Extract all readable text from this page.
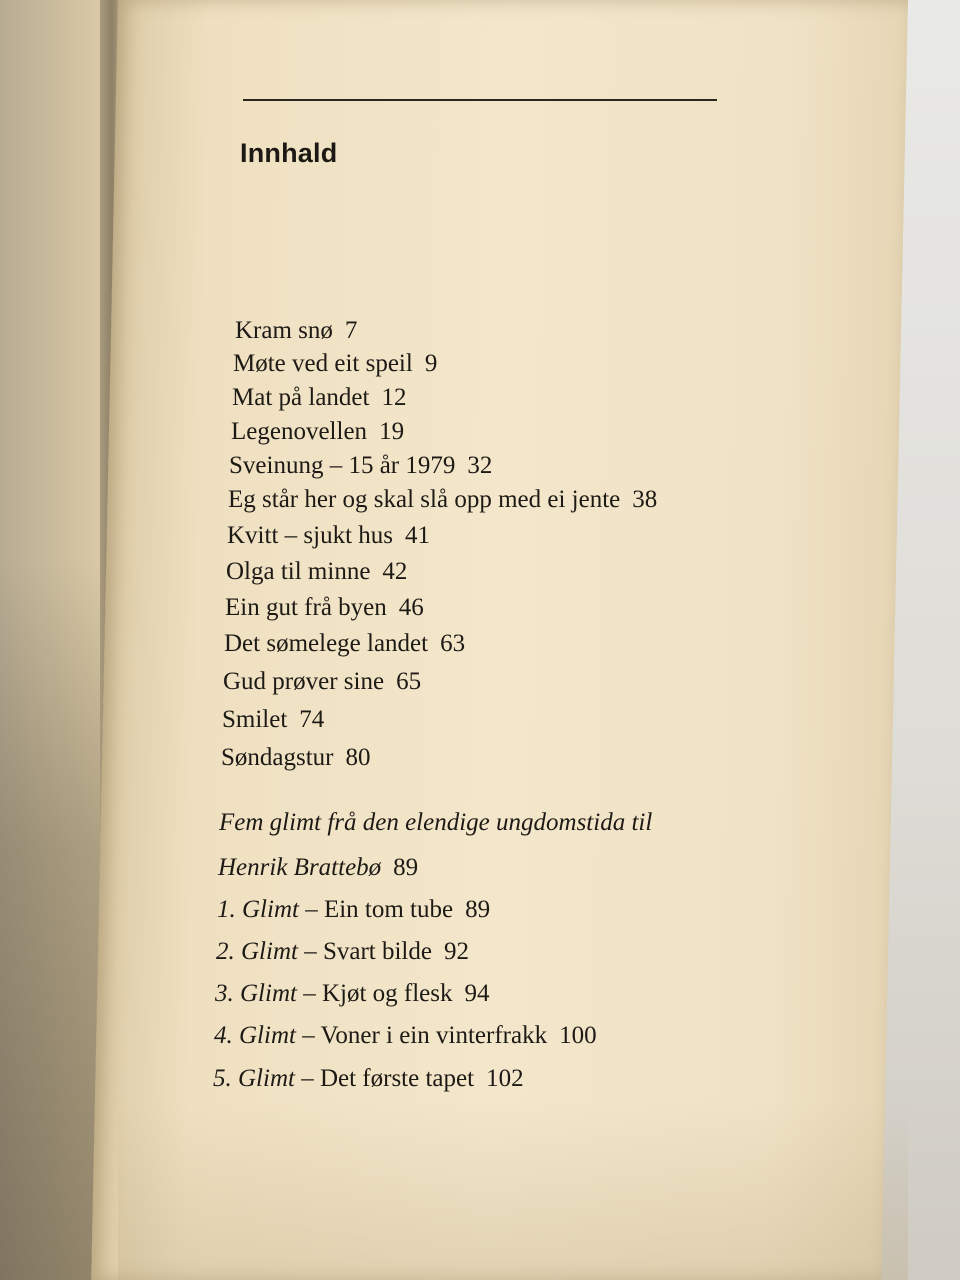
Innhald
Kram snø 7
Møte ved eit speil 9
Mat på landet 12
Legenovellen 19
Sveinung – 15 år 1979 32
Eg står her og skal slå opp med ei jente 38
Kvitt – sjukt hus 41
Olga til minne 42
Ein gut frå byen 46
Det sømelege landet 63
Gud prøver sine 65
Smilet 74
Søndagstur 80
Fem glimt frå den elendige ungdomstida til
Henrik Brattebø 89
1. Glimt – Ein tom tube 89
2. Glimt – Svart bilde 92
3. Glimt – Kjøt og flesk 94
4. Glimt – Voner i ein vinterfrakk 100
5. Glimt – Det første tapet 102
